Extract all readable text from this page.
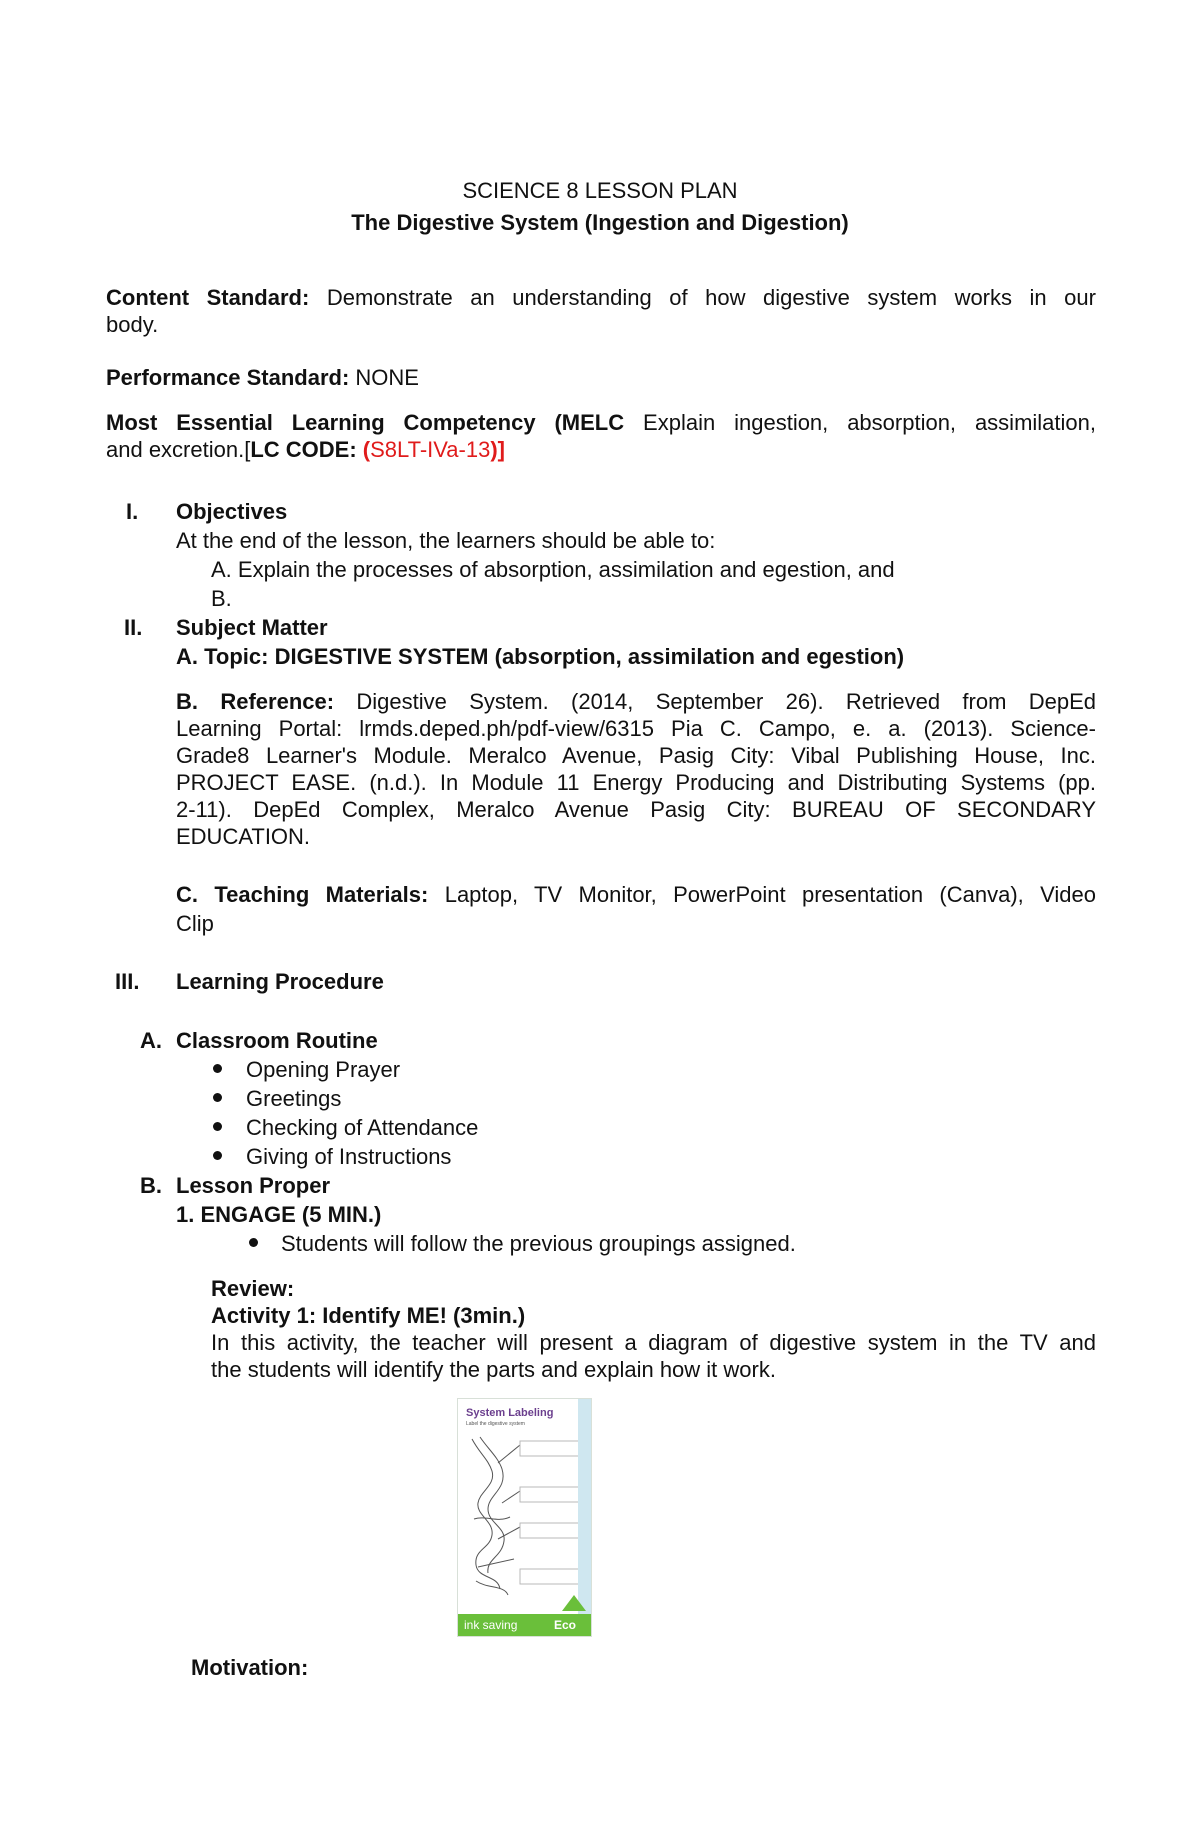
SCIENCE 8 LESSON PLAN
The Digestive System (Ingestion and Digestion)
Content Standard: Demonstrate an understanding of how digestive system works in our
body.
Performance Standard: NONE
Most Essential Learning Competency (MELC Explain ingestion, absorption, assimilation,
and excretion.[LC CODE: (S8LT-IVa-13)]
I. Objectives
At the end of the lesson, the learners should be able to:
A. Explain the processes of absorption, assimilation and egestion, and
B.
II. Subject Matter
A. Topic: DIGESTIVE SYSTEM (absorption, assimilation and egestion)
B. Reference: Digestive System. (2014, September 26). Retrieved from DepEd
Learning Portal: lrmds.deped.ph/pdf-view/6315 Pia C. Campo, e. a. (2013). Science-
Grade8 Learner's Module. Meralco Avenue, Pasig City: Vibal Publishing House, Inc.
PROJECT EASE. (n.d.). In Module 11 Energy Producing and Distributing Systems (pp.
2-11). DepEd Complex, Meralco Avenue Pasig City: BUREAU OF SECONDARY
EDUCATION.
C. Teaching Materials: Laptop, TV Monitor, PowerPoint presentation (Canva), Video
Clip
III. Learning Procedure
A. Classroom Routine
Opening Prayer
Greetings
Checking of Attendance
Giving of Instructions
B. Lesson Proper
1. ENGAGE (5 MIN.)
Students will follow the previous groupings assigned.
Review:
Activity 1: Identify ME! (3min.)
In this activity, the teacher will present a diagram of digestive system in the TV and
the students will identify the parts and explain how it work.
System Labeling
Label the digestive system
ink saving	Eco
Motivation:
